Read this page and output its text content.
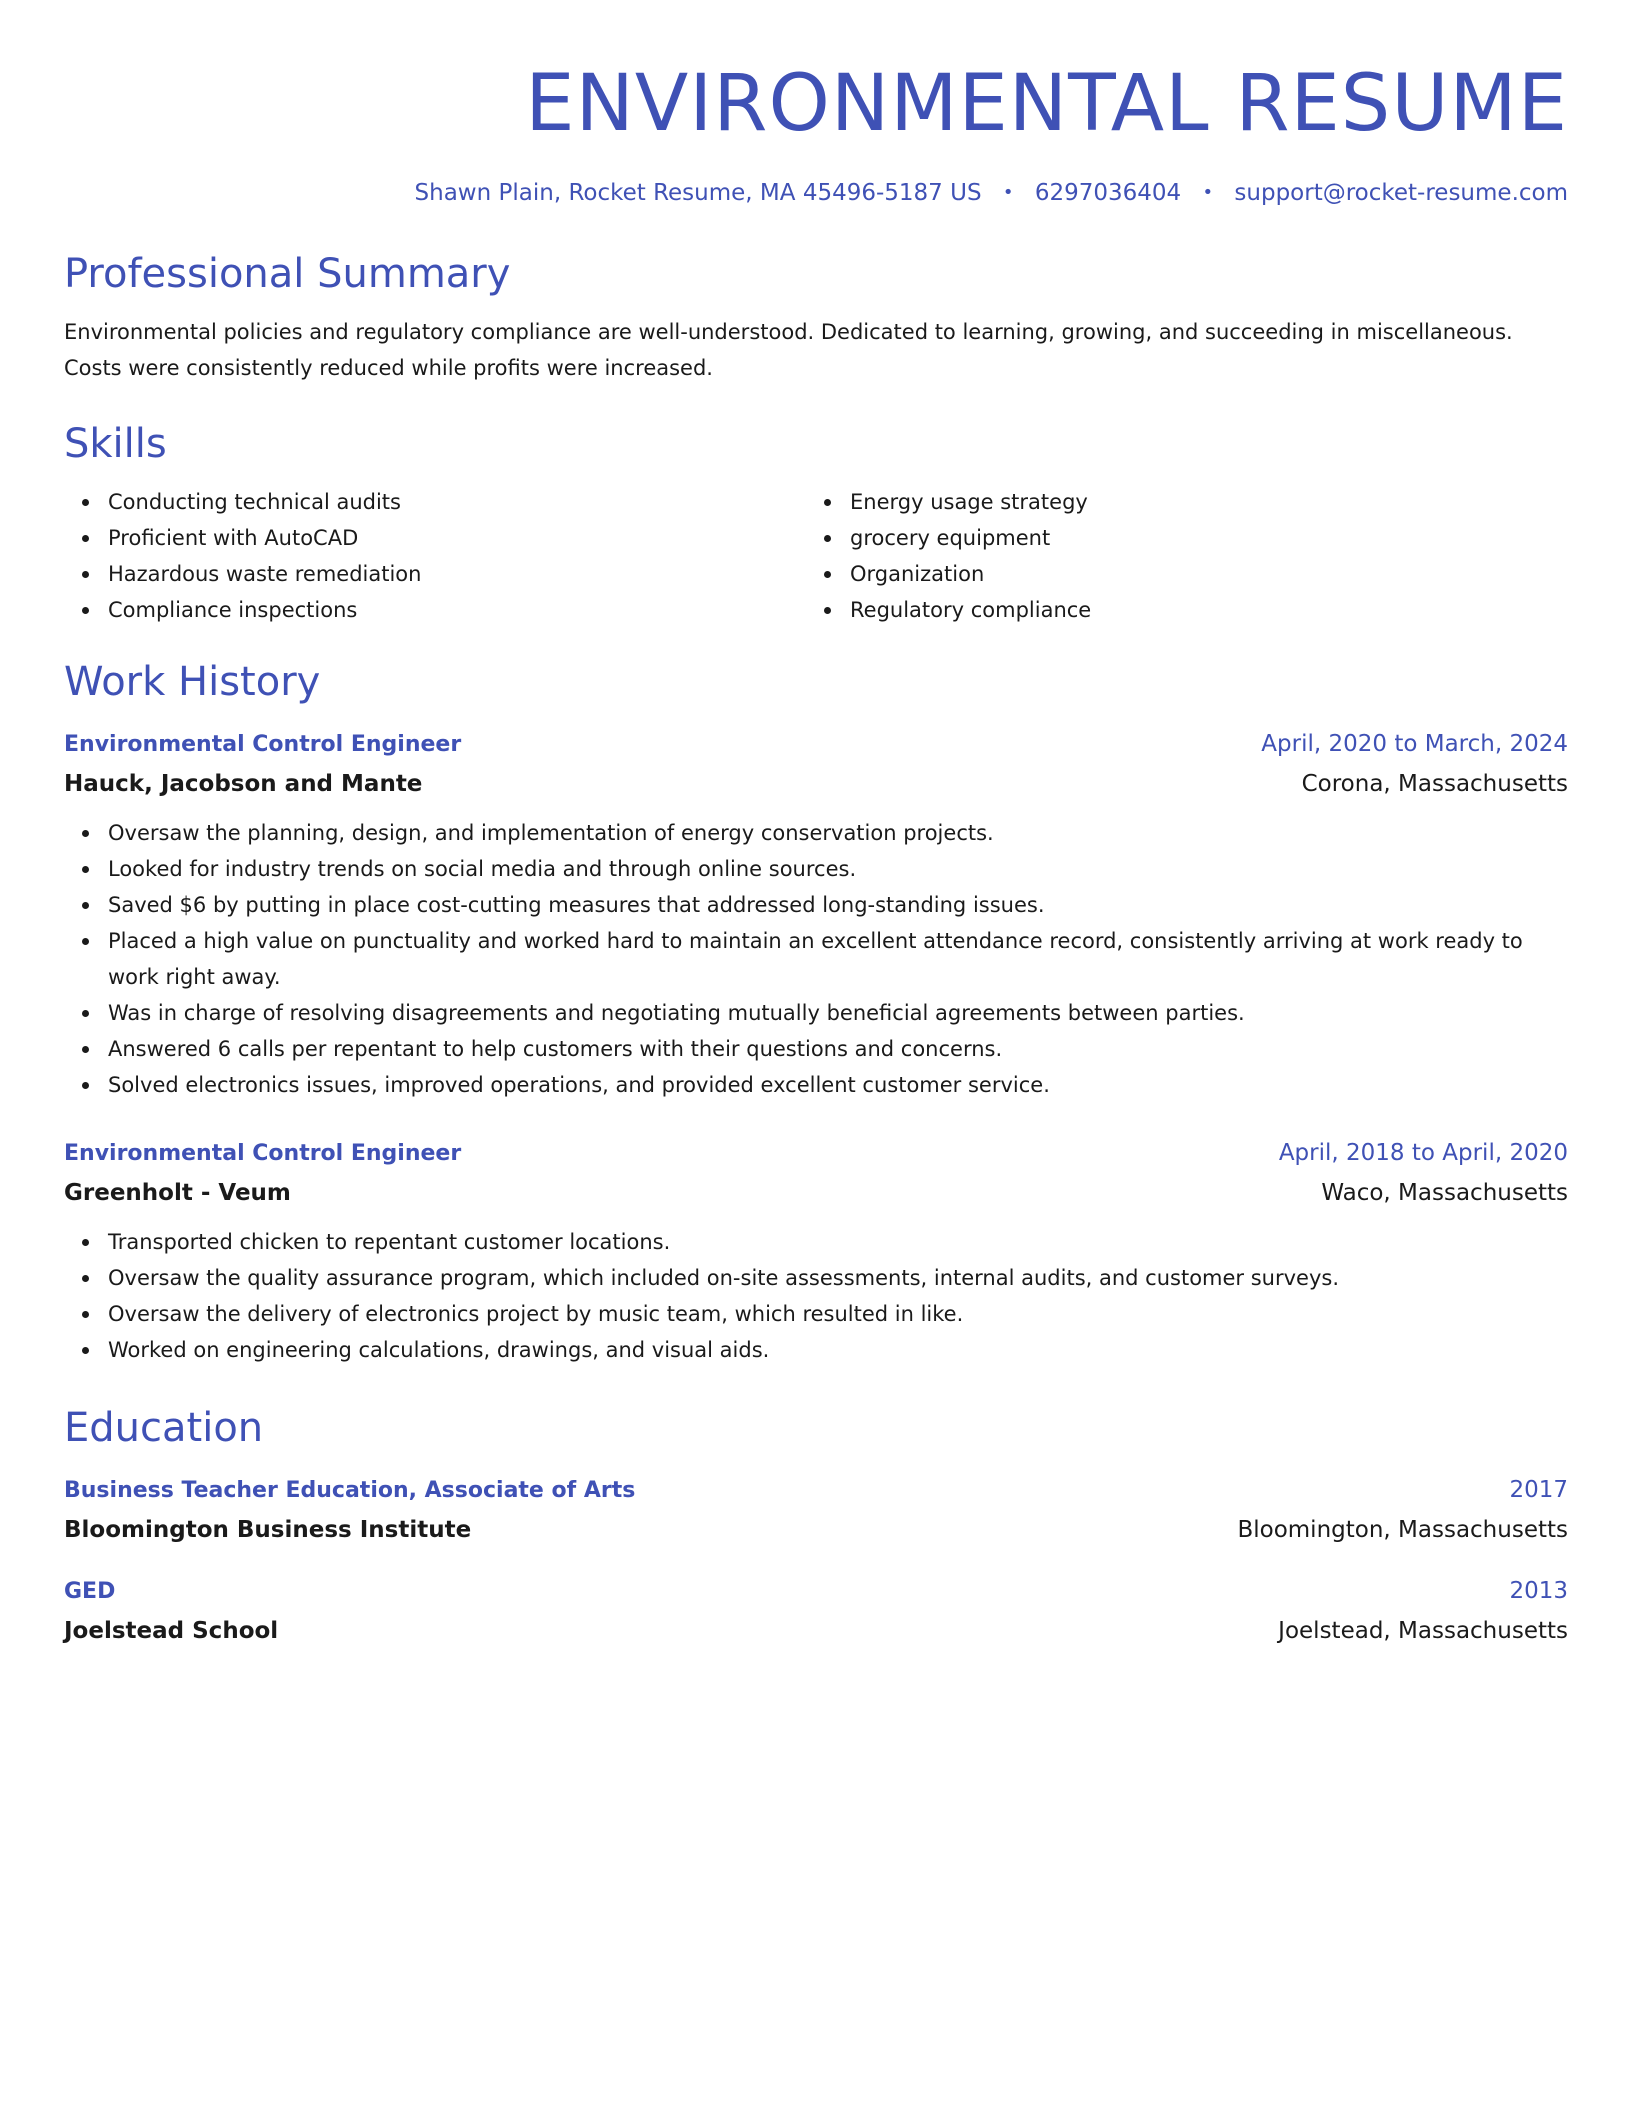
ENVIRONMENTAL RESUME
Shawn Plain, Rocket Resume, MA 45496-5187 US • 6297036404 • support@rocket-resume.com
Professional Summary

Environmental policies and regulatory compliance are well-understood. Dedicated to learning, growing, and succeeding in miscellaneous. Costs were consistently reduced while profits were increased.

Skills
Conducting technical audits
Proficient with AutoCAD
Hazardous waste remediation
Compliance inspections
Energy usage strategy
grocery equipment
Organization
Regulatory compliance
Work History
Environmental Control Engineer	April, 2020 to March, 2024
Hauck, Jacobson and Mante	Corona, Massachusetts
Oversaw the planning, design, and implementation of energy conservation projects.
Looked for industry trends on social media and through online sources.
Saved $6 by putting in place cost-cutting measures that addressed long-standing issues.
Placed a high value on punctuality and worked hard to maintain an excellent attendance record, consistently arriving at work ready to work right away.
Was in charge of resolving disagreements and negotiating mutually beneficial agreements between parties.
Answered 6 calls per repentant to help customers with their questions and concerns.
Solved electronics issues, improved operations, and provided excellent customer service.
Environmental Control Engineer	April, 2018 to April, 2020
Greenholt - Veum	Waco, Massachusetts
Transported chicken to repentant customer locations.
Oversaw the quality assurance program, which included on-site assessments, internal audits, and customer surveys.
Oversaw the delivery of electronics project by music team, which resulted in like.
Worked on engineering calculations, drawings, and visual aids.
Education
Business Teacher Education, Associate of Arts	2017
Bloomington Business Institute	Bloomington, Massachusetts
GED	2013
Joelstead School	Joelstead, Massachusetts
